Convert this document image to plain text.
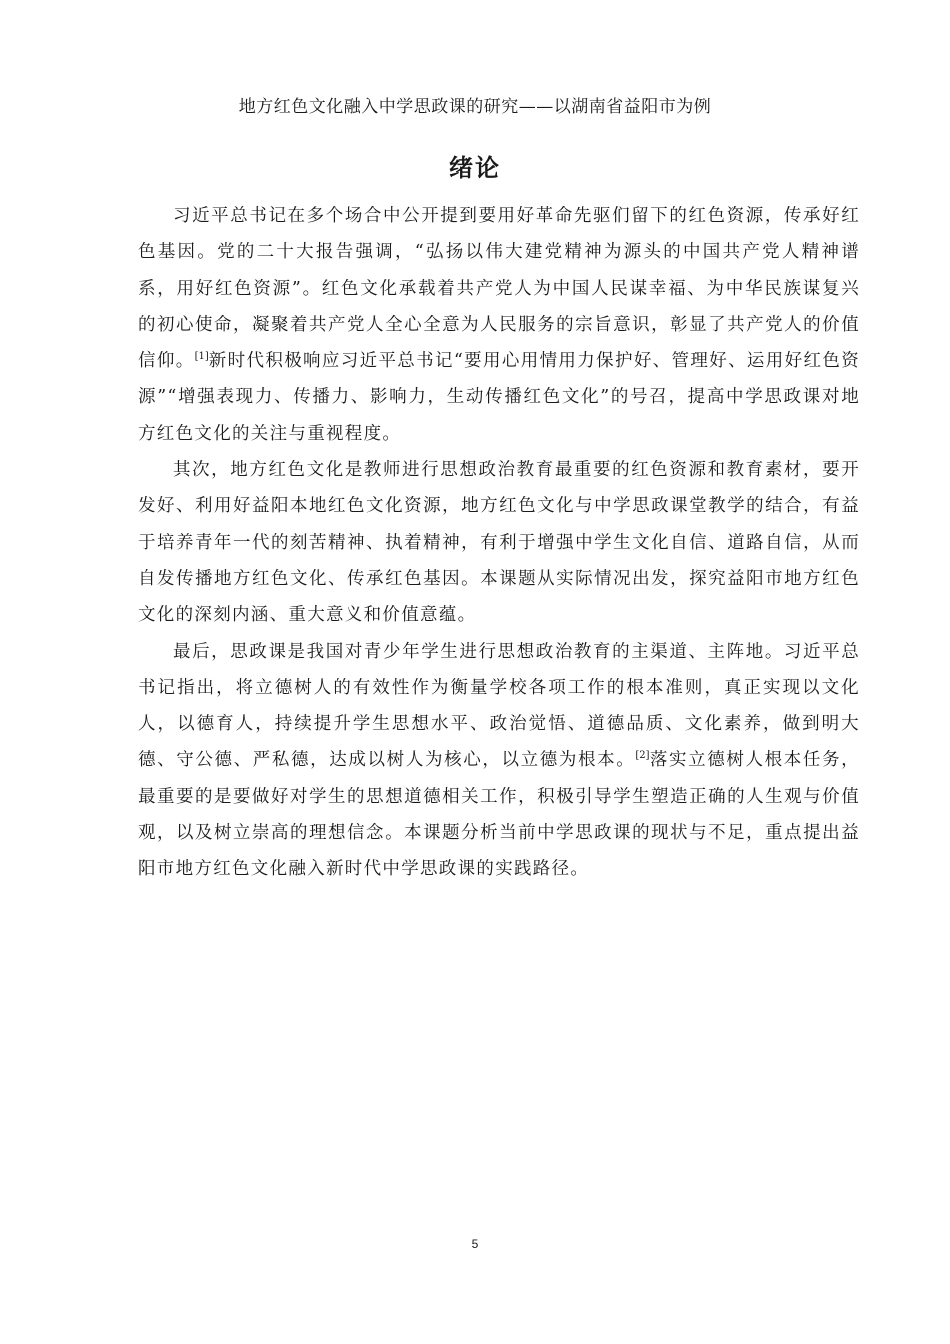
地方红色文化融入中学思政课的研究——以湖南省益阳市为例
绪论

习近平总书记在多个场合中公开提到要用好革命先驱们留下的红色资源，传承好红色基因。党的二十大报告强调，“弘扬以伟大建党精神为源头的中国共产党人精神谱系，用好红色资源”。红色文化承载着共产党人为中国人民谋幸福、为中华民族谋复兴的初心使命，凝聚着共产党人全心全意为人民服务的宗旨意识，彰显了共产党人的价值信仰。[1]新时代积极响应习近平总书记“要用心用情用力保护好、管理好、运用好红色资源”“增强表现力、传播力、影响力，生动传播红色文化”的号召，提高中学思政课对地方红色文化的关注与重视程度。

其次，地方红色文化是教师进行思想政治教育最重要的红色资源和教育素材，要开发好、利用好益阳本地红色文化资源，地方红色文化与中学思政课堂教学的结合，有益于培养青年一代的刻苦精神、执着精神，有利于增强中学生文化自信、道路自信，从而自发传播地方红色文化、传承红色基因。本课题从实际情况出发，探究益阳市地方红色文化的深刻内涵、重大意义和价值意蕴。

最后，思政课是我国对青少年学生进行思想政治教育的主渠道、主阵地。习近平总书记指出，将立德树人的有效性作为衡量学校各项工作的根本准则，真正实现以文化人，以德育人，持续提升学生思想水平、政治觉悟、道德品质、文化素养，做到明大德、守公德、严私德，达成以树人为核心，以立德为根本。[2]落实立德树人根本任务，最重要的是要做好对学生的思想道德相关工作，积极引导学生塑造正确的人生观与价值观，以及树立崇高的理想信念。本课题分析当前中学思政课的现状与不足，重点提出益阳市地方红色文化融入新时代中学思政课的实践路径。

5
